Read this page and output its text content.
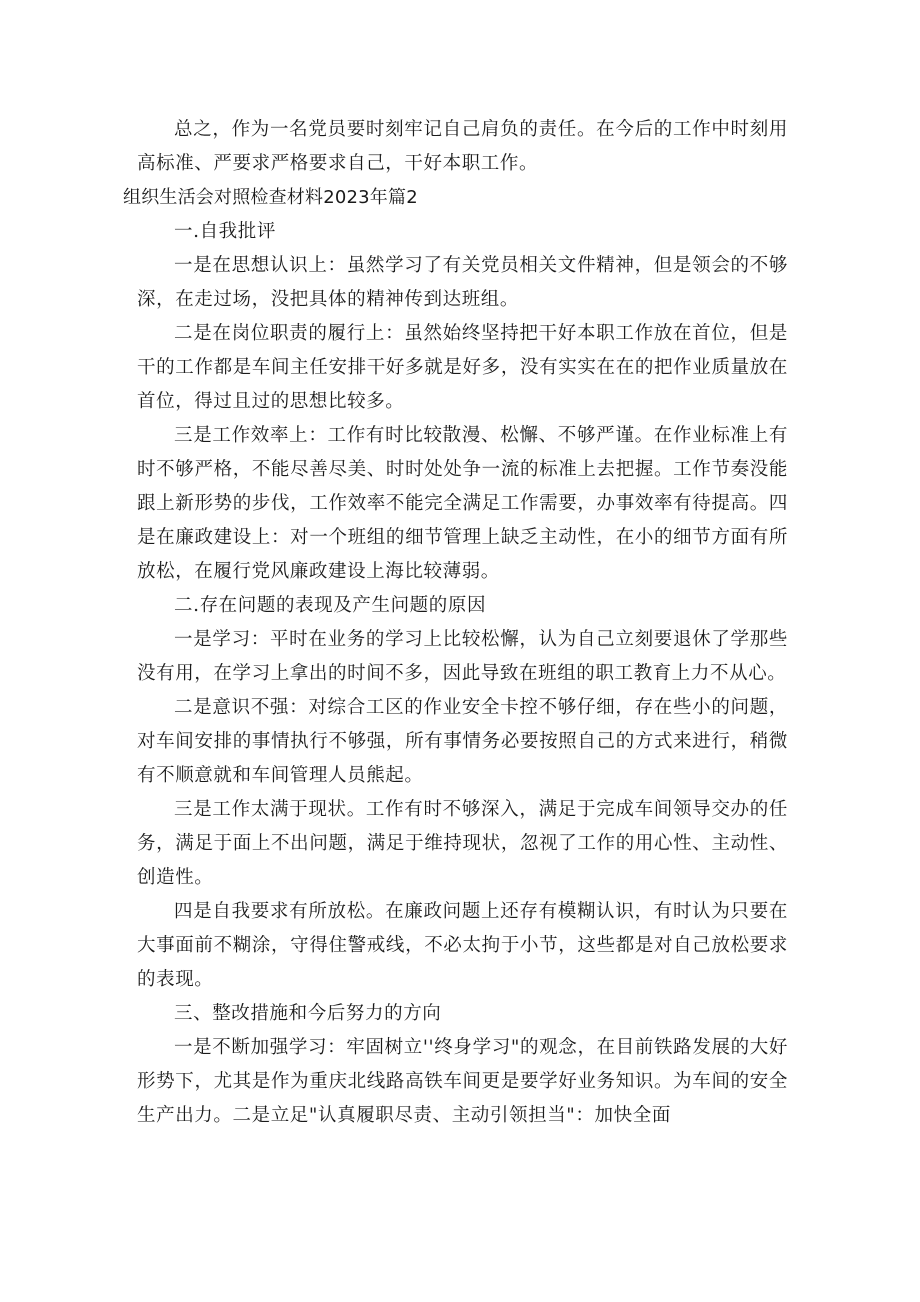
总之，作为一名党员要时刻牢记自己肩负的责任。在今后的工作中时刻用高标准、严要求严格要求自己，干好本职工作。

组织生活会对照检查材料2023年篇2

一.自我批评

一是在思想认识上：虽然学习了有关党员相关文件精神，但是领会的不够深，在走过场，没把具体的精神传到达班组。

二是在岗位职责的履行上：虽然始终坚持把干好本职工作放在首位，但是干的工作都是车间主任安排干好多就是好多，没有实实在在的把作业质量放在首位，得过且过的思想比较多。

三是工作效率上：工作有时比较散漫、松懈、不够严谨。在作业标准上有时不够严格，不能尽善尽美、时时处处争一流的标准上去把握。工作节奏没能跟上新形势的步伐，工作效率不能完全满足工作需要，办事效率有待提高。四是在廉政建设上：对一个班组的细节管理上缺乏主动性，在小的细节方面有所放松，在履行党风廉政建设上海比较薄弱。

二.存在问题的表现及产生问题的原因

一是学习：平时在业务的学习上比较松懈，认为自己立刻要退休了学那些没有用，在学习上拿出的时间不多，因此导致在班组的职工教育上力不从心。

二是意识不强：对综合工区的作业安全卡控不够仔细，存在些小的问题，对车间安排的事情执行不够强，所有事情务必要按照自己的方式来进行，稍微有不顺意就和车间管理人员熊起。

三是工作太满于现状。工作有时不够深入，满足于完成车间领导交办的任务，满足于面上不出问题，满足于维持现状，忽视了工作的用心性、主动性、创造性。

四是自我要求有所放松。在廉政问题上还存有模糊认识，有时认为只要在大事面前不糊涂，守得住警戒线，不必太拘于小节，这些都是对自己放松要求的表现。

三、整改措施和今后努力的方向

一是不断加强学习：牢固树立''终身学习"的观念，在目前铁路发展的大好形势下，尤其是作为重庆北线路高铁车间更是要学好业务知识。为车间的安全生产出力。二是立足"认真履职尽责、主动引领担当"：加快全面
